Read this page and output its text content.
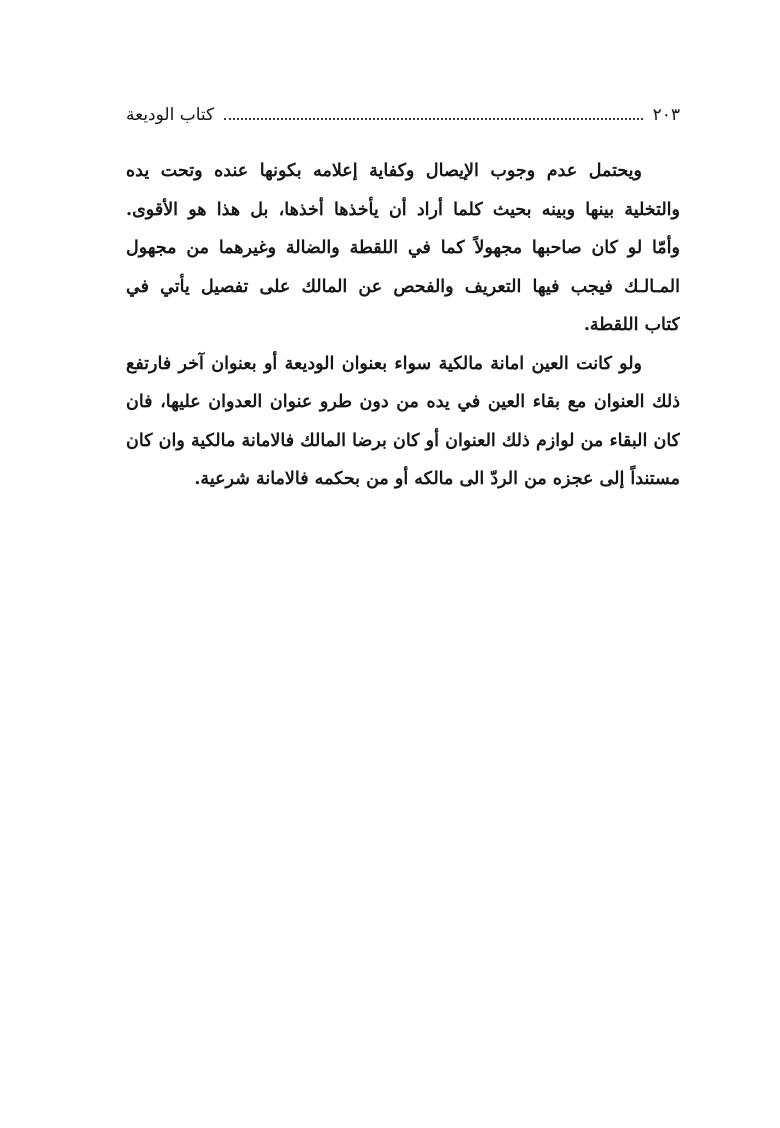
كتاب الوديعة	٢٠٣

ويحتمل عدم وجوب الإيصال وكفاية إعلامه بكونها عنده وتحت يده
والتخلية بينها وبينه بحيث كلما أراد أن يأخذها أخذها، بل هذا هو الأقوى.
وأمّا لو كان صاحبها مجهولاً كما في اللقطة والضالة وغيرهما من مجهول
المـالـك فيجب فيها التعريف والفحص عن المالك على تفصيل يأتي في
كتاب اللقطة.

ولو كانت العين امانة مالكية سواء بعنوان الوديعة أو بعنوان آخر فارتفع
ذلك العنوان مع بقاء العين في يده من دون طرو عنوان العدوان عليها، فان
كان البقاء من لوازم ذلك العنوان أو كان برضا المالك فالامانة مالكية وان كان
مستنداً إلى عجزه من الردّ الى مالكه أو من بحكمه فالامانة شرعية.
